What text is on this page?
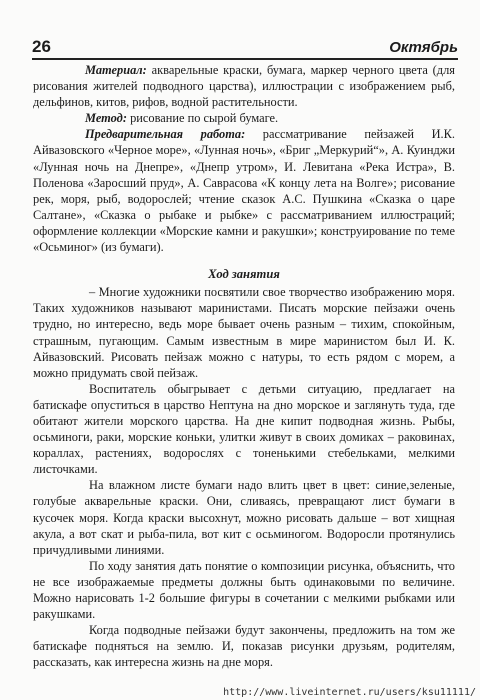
26	Октябрь

Материал: акварельные краски, бумага, маркер черного цвета (для рисования жителей подводного царства), иллюстрации с изображением рыб, дельфинов, китов, рифов, водной растительности.

Метод: рисование по сырой бумаге.

Предварительная работа: рассматривание пейзажей И.К. Айвазовского «Черное море», «Лунная ночь», «Бриг „Меркурий“», А. Куинджи «Лунная ночь на Днепре», «Днепр утром», И. Левитана «Река Истра», В. Поленова «Заросший пруд», А. Саврасова «К концу лета на Волге»; рисование рек, моря, рыб, водорослей; чтение сказок А.С. Пушкина «Сказка о царе Салтане», «Сказка о рыбаке и рыбке» с рассматриванием иллюстраций; оформление коллекции «Морские камни и ракушки»; конструирование по теме «Осьминог» (из бумаги).

Ход занятия

– Многие художники посвятили свое творчество изображению моря. Таких художников называют маринистами. Писать морские пейзажи очень трудно, но интересно, ведь море бывает очень разным – тихим, спокойным, страшным, пугающим. Самым известным в мире маринистом был И. К. Айвазовский. Рисовать пейзаж можно с натуры, то есть рядом с морем, а можно придумать свой пейзаж.

Воспитатель обыгрывает с детьми ситуацию, предлагает на батискафе опуститься в царство Нептуна на дно морское и заглянуть туда, где обитают жители морского царства. На дне кипит подводная жизнь. Рыбы, осьминоги, раки, морские коньки, улитки живут в своих домиках – раковинах, кораллах, растениях, водорослях с тоненькими стебельками, мелкими листочками.

На влажном листе бумаги надо влить цвет в цвет: синие,зеленые, голубые акварельные краски. Они, сливаясь, превращают лист бумаги в кусочек моря. Когда краски высохнут, можно рисовать дальше – вот хищная акула, а вот скат и рыба-пила, вот кит с осьминогом. Водоросли протянулись причудливыми линиями.

По ходу занятия дать понятие о композиции рисунка, объяснить, что не все изображаемые предметы должны быть одинаковыми по величине. Можно нарисовать 1-2 большие фигуры в сочетании с мелкими рыбками или ракушками.

Когда подводные пейзажи будут закончены, предложить на том же батискафе подняться на землю. И, показав рисунки друзьям, родителям, рассказать, как интересна жизнь на дне моря.

http://www.liveinternet.ru/users/ksu11111/
